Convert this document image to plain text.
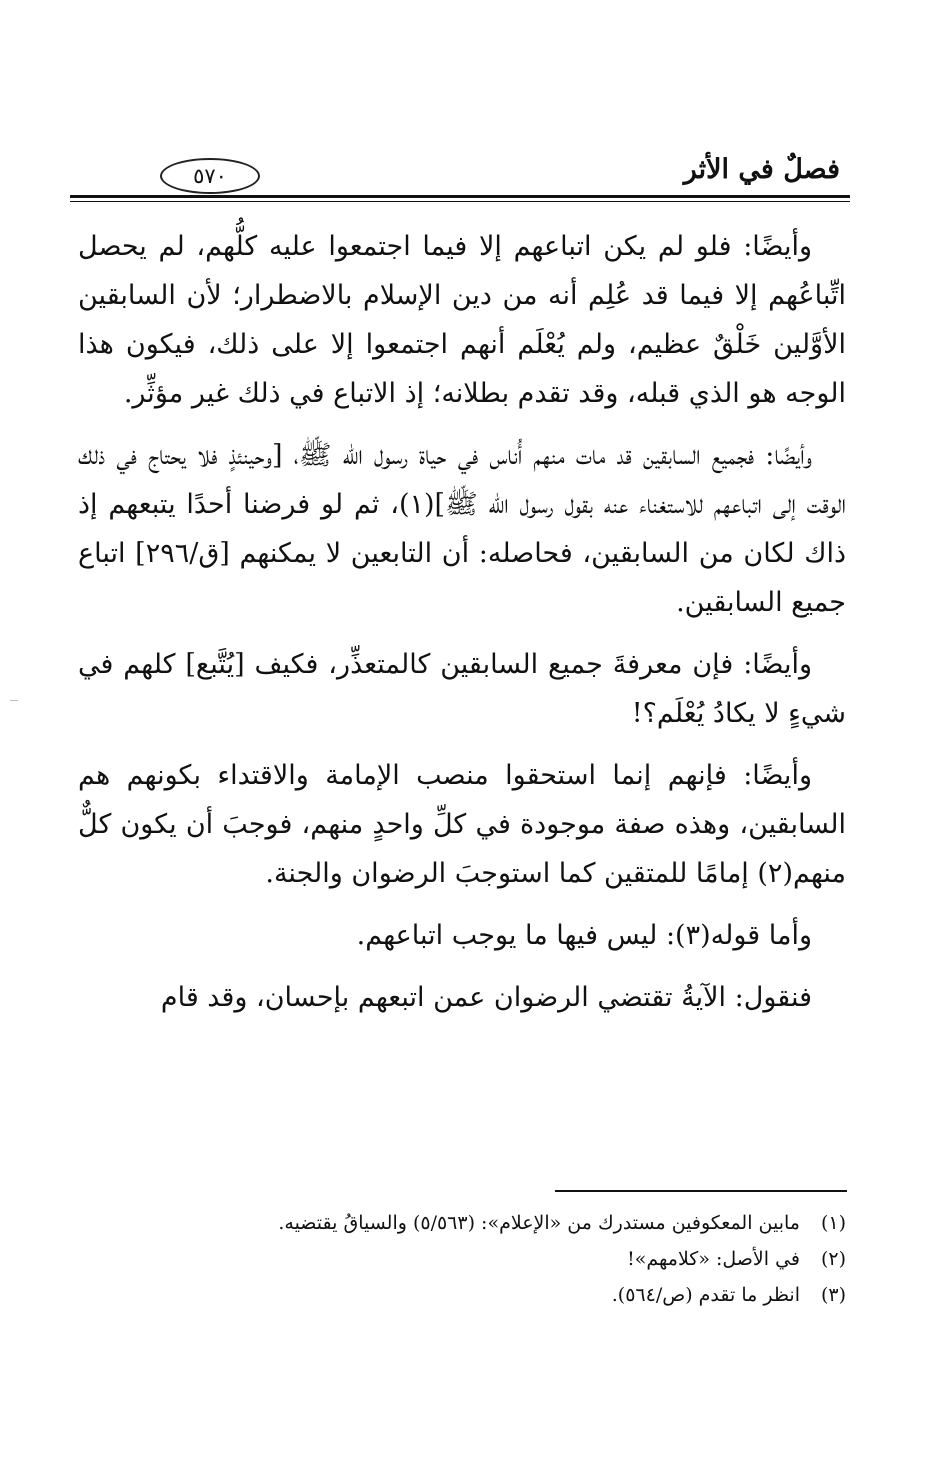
٥٧٠	فصلٌ في الأثر

وأيضًا: فلو لم يكن اتباعهم إلا فيما اجتمعوا عليه كلُّهم، لم يحصل اتِّباعُهم إلا فيما قد عُلِم أنه من دين الإسلام بالاضطرار؛ لأن السابقين الأوَّلين خَلْقٌ عظيم، ولم يُعْلَم أنهم اجتمعوا إلا على ذلك، فيكون هذا الوجه هو الذي قبله، وقد تقدم بطلانه؛ إذ الاتباع في ذلك غير مؤثِّر.

وأيضًا: فجميع السابقين قد مات منهم أُناس في حياة رسول الله ﷺ، [وحينئذٍ فلا يحتاج في ذلك الوقت إلى اتباعهم للاستغناء عنه بقول رسول الله ﷺ](١)، ثم لو فرضنا أحدًا يتبعهم إذ ذاك لكان من السابقين، فحاصله: أن التابعين لا يمكنهم [ق/٢٩٦] اتباع جميع السابقين.

وأيضًا: فإن معرفةَ جميع السابقين كالمتعذِّر، فكيف [يُتَّبع] كلهم في شيءٍ لا يكادُ يُعْلَم؟!

وأيضًا: فإنهم إنما استحقوا منصب الإمامة والاقتداء بكونهم هم السابقين، وهذه صفة موجودة في كلِّ واحدٍ منهم، فوجبَ أن يكون كلٌّ منهم(٢) إمامًا للمتقين كما استوجبَ الرضوان والجنة.

وأما قوله(٣): ليس فيها ما يوجب اتباعهم.

فنقول: الآيةُ تقتضي الرضوان عمن اتبعهم بإحسان، وقد قام

(١)
مابين المعكوفين مستدرك من «الإعلام»: (٥/٥٦٣) والسياقُ يقتضيه.
(٢)
في الأصل: «كلامهم»!
(٣)
انظر ما تقدم (ص/٥٦٤).
